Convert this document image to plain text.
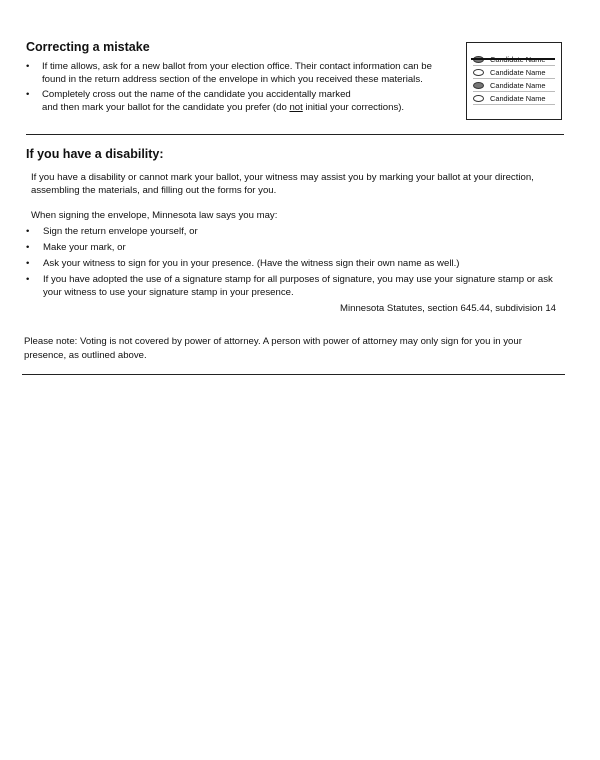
Correcting a mistake
• If time allows, ask for a new ballot from your election office. Their contact information can be found in the return address section of the envelope in which you received these materials.
• Completely cross out the name of the candidate you accidentally marked
and then mark your ballot for the candidate you prefer (do not initial your corrections).
Candidate Name
Candidate Name
Candidate Name
If you have a disability:

If you have a disability or cannot mark your ballot, your witness may assist you by marking your ballot at your direction, assembling the materials, and filling out the forms for you.

When signing the envelope, Minnesota law says you may:

• Sign the return envelope yourself, or
• Make your mark, or
• Ask your witness to sign for you in your presence. (Have the witness sign their own name as well.)
• If you have adopted the use of a signature stamp for all purposes of signature, you may use your signature stamp or ask your witness to use your signature stamp in your presence.

Minnesota Statutes, section 645.44, subdivision 14

Please note: Voting is not covered by power of attorney. A person with power of attorney may only sign for you in your presence, as outlined above.
